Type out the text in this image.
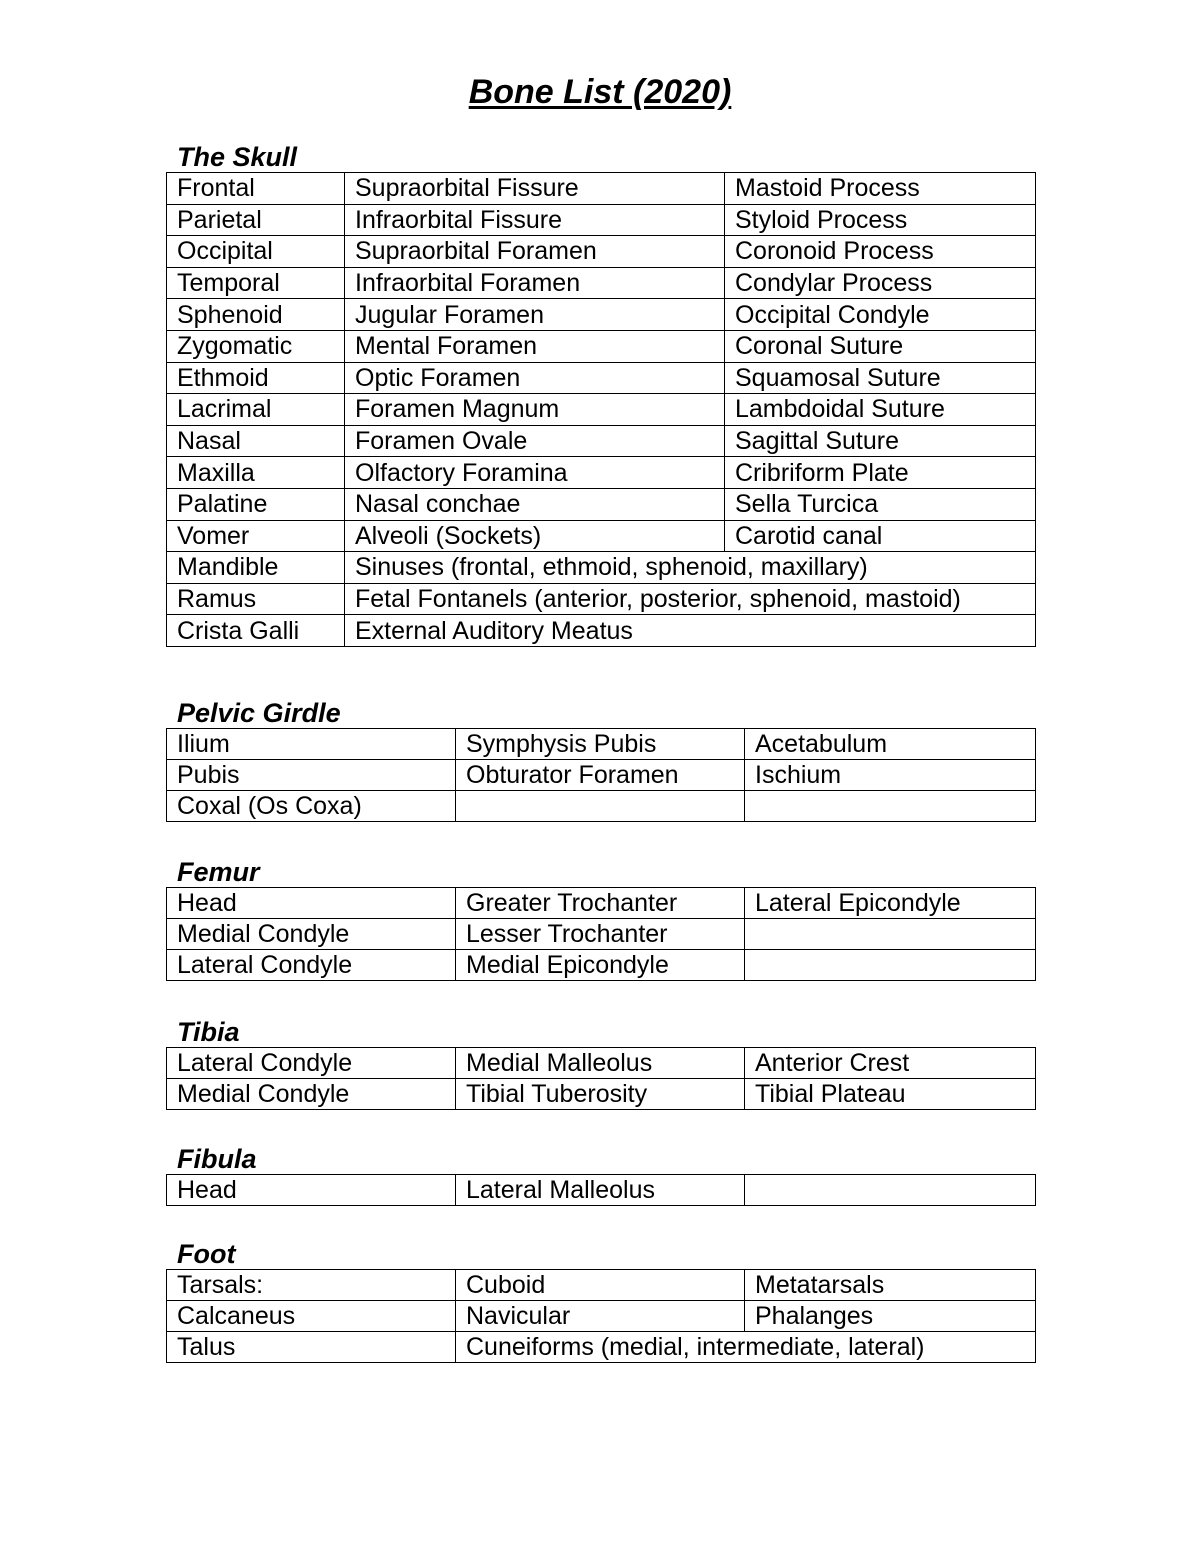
Bone List (2020)
The Skull
Frontal	Supraorbital Fissure	Mastoid Process
Parietal	Infraorbital Fissure	Styloid Process
Occipital	Supraorbital Foramen	Coronoid Process
Temporal	Infraorbital Foramen	Condylar Process
Sphenoid	Jugular Foramen	Occipital Condyle
Zygomatic	Mental Foramen	Coronal Suture
Ethmoid	Optic Foramen	Squamosal Suture
Lacrimal	Foramen Magnum	Lambdoidal Suture
Nasal	Foramen Ovale	Sagittal Suture
Maxilla	Olfactory Foramina	Cribriform Plate
Palatine	Nasal conchae	Sella Turcica
Vomer	Alveoli (Sockets)	Carotid canal
Mandible	Sinuses (frontal, ethmoid, sphenoid, maxillary)	
Ramus	Fetal Fontanels (anterior, posterior, sphenoid, mastoid)	
Crista Galli	External Auditory Meatus	
Pelvic Girdle
Ilium	Symphysis Pubis	Acetabulum
Pubis	Obturator Foramen	Ischium
Coxal (Os Coxa)		
Femur
Head	Greater Trochanter	Lateral Epicondyle
Medial Condyle	Lesser Trochanter	
Lateral Condyle	Medial Epicondyle	
Tibia
Lateral Condyle	Medial Malleolus	Anterior Crest
Medial Condyle	Tibial Tuberosity	Tibial Plateau
Fibula
Head	Lateral Malleolus	
Foot
Tarsals:	Cuboid	Metatarsals
Calcaneus	Navicular	Phalanges
Talus	Cuneiforms (medial, intermediate, lateral)	
